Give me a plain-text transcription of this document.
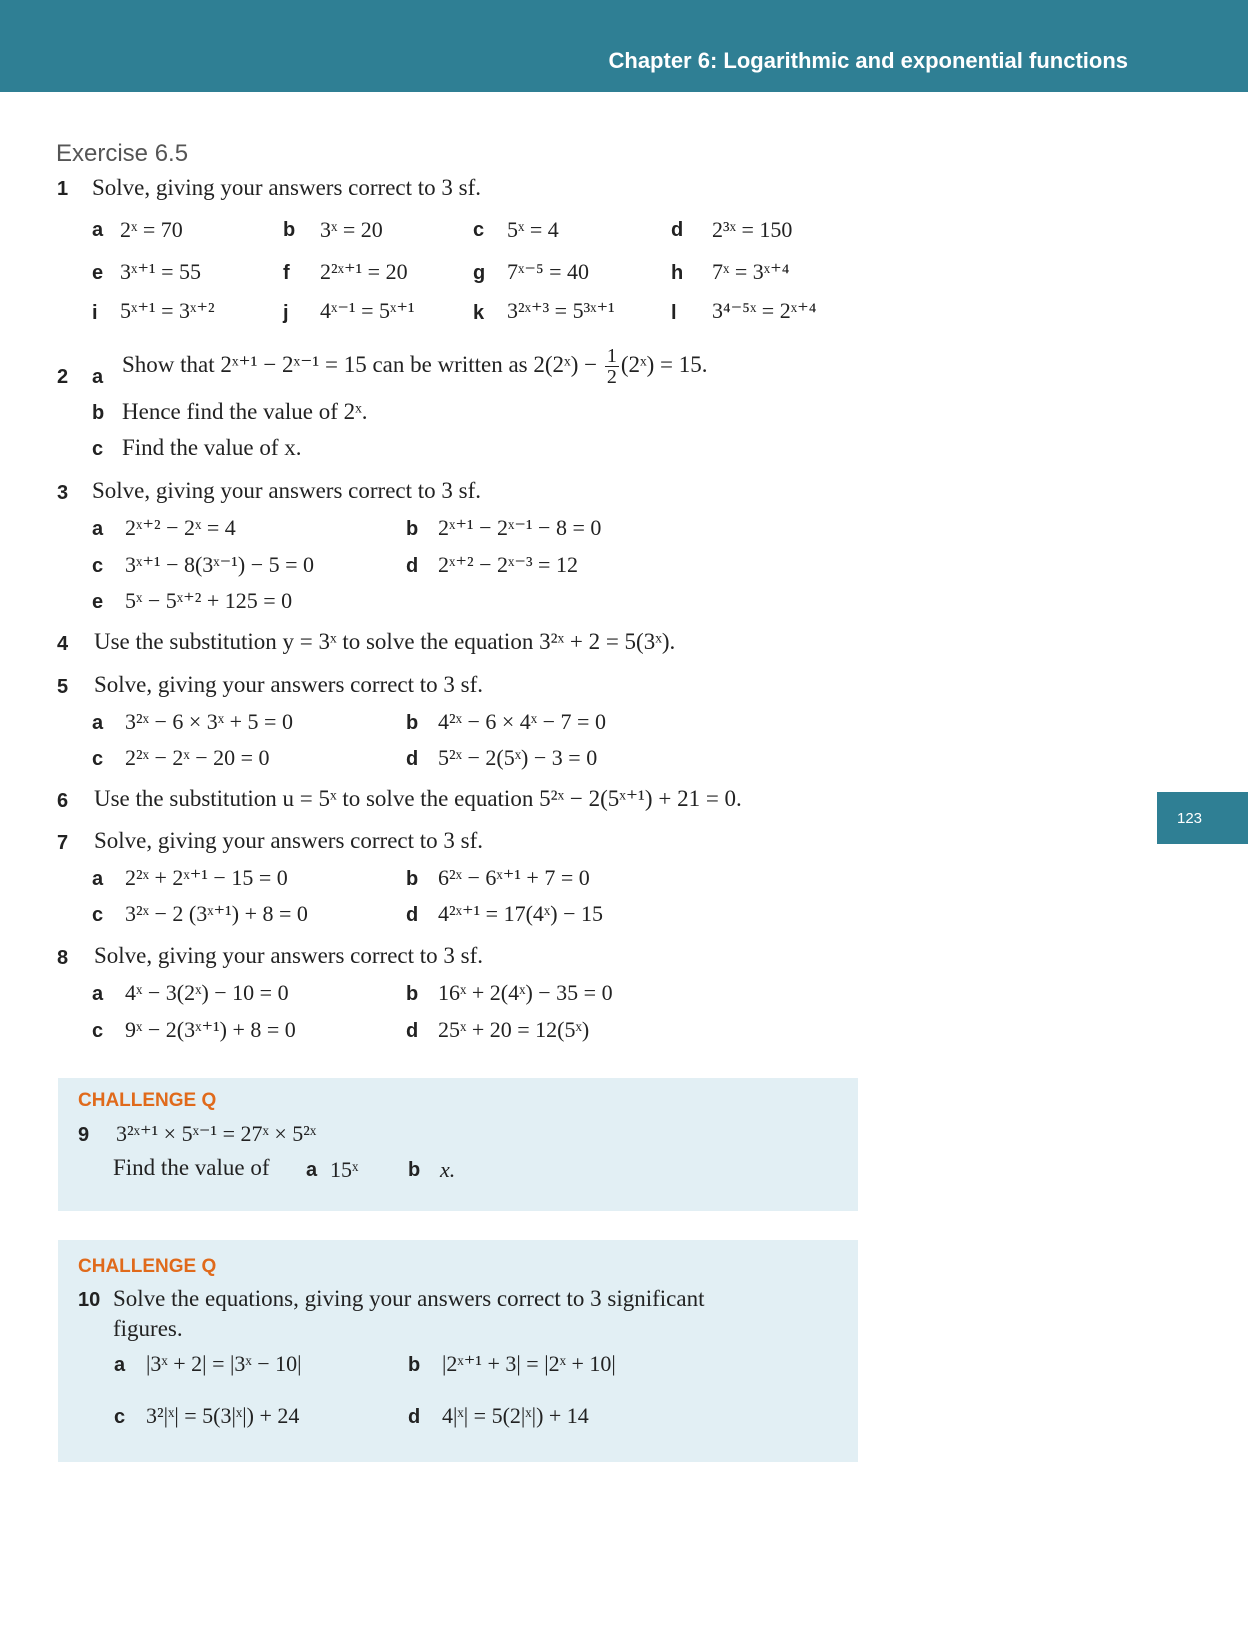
Chapter 6: Logarithmic and exponential functions
123
Exercise 6.5
1 Solve, giving your answers correct to 3 sf.
a 2ˣ = 70	b 3ˣ = 20	c 5ˣ = 4	d 2³ˣ = 150
e 3ˣ⁺¹ = 55	f 2²ˣ⁺¹ = 20	g 7ˣ⁻⁵ = 40	h 7ˣ = 3ˣ⁺⁴
i 5ˣ⁺¹ = 3ˣ⁺²	j 4ˣ⁻¹ = 5ˣ⁺¹	k 3²ˣ⁺³ = 5³ˣ⁺¹	l 3⁴⁻⁵ˣ = 2ˣ⁺⁴
2 a
Show that 2ˣ⁺¹ − 2ˣ⁻¹ = 15 can be written as 2(2ˣ) − $\frac{1}{2}$ (2ˣ) = 15.
b Hence find the value of 2ˣ.
c Find the value of x.
3 Solve, giving your answers correct to 3 sf.
a 2ˣ⁺² − 2ˣ = 4	b 2ˣ⁺¹ − 2ˣ⁻¹ − 8 = 0
c 3ˣ⁺¹ − 8(3ˣ⁻¹) − 5 = 0	d 2ˣ⁺² − 2ˣ⁻³ = 12
e 5ˣ − 5ˣ⁺² + 125 = 0
4 Use the substitution y = 3ˣ to solve the equation 3²ˣ + 2 = 5(3ˣ).
5 Solve, giving your answers correct to 3 sf.
a 3²ˣ − 6 × 3ˣ + 5 = 0	b 4²ˣ − 6 × 4ˣ − 7 = 0
c 2²ˣ − 2ˣ − 20 = 0	d 5²ˣ − 2(5ˣ) − 3 = 0
6 Use the substitution u = 5ˣ to solve the equation 5²ˣ − 2(5ˣ⁺¹) + 21 = 0.
7 Solve, giving your answers correct to 3 sf.
a 2²ˣ + 2ˣ⁺¹ − 15 = 0	b 6²ˣ − 6ˣ⁺¹ + 7 = 0
c 3²ˣ − 2 (3ˣ⁺¹) + 8 = 0	d 4²ˣ⁺¹ = 17(4ˣ) − 15
8 Solve, giving your answers correct to 3 sf.
a 4ˣ − 3(2ˣ) − 10 = 0	b 16ˣ + 2(4ˣ) − 35 = 0
c 9ˣ − 2(3ˣ⁺¹) + 8 = 0	d 25ˣ + 20 = 12(5ˣ)
CHALLENGE Q
9 3²ˣ⁺¹ × 5ˣ⁻¹ = 27ˣ × 5²ˣ
Find the value of a 15ˣ b x.
CHALLENGE Q
10 Solve the equations, giving your answers correct to 3 significant
figures.
a |3ˣ + 2| = |3ˣ − 10|	b |2ˣ⁺¹ + 3| = |2ˣ + 10|
c 3²|ˣ| = 5(3|ˣ|) + 24	d 4|ˣ| = 5(2|ˣ|) + 14
